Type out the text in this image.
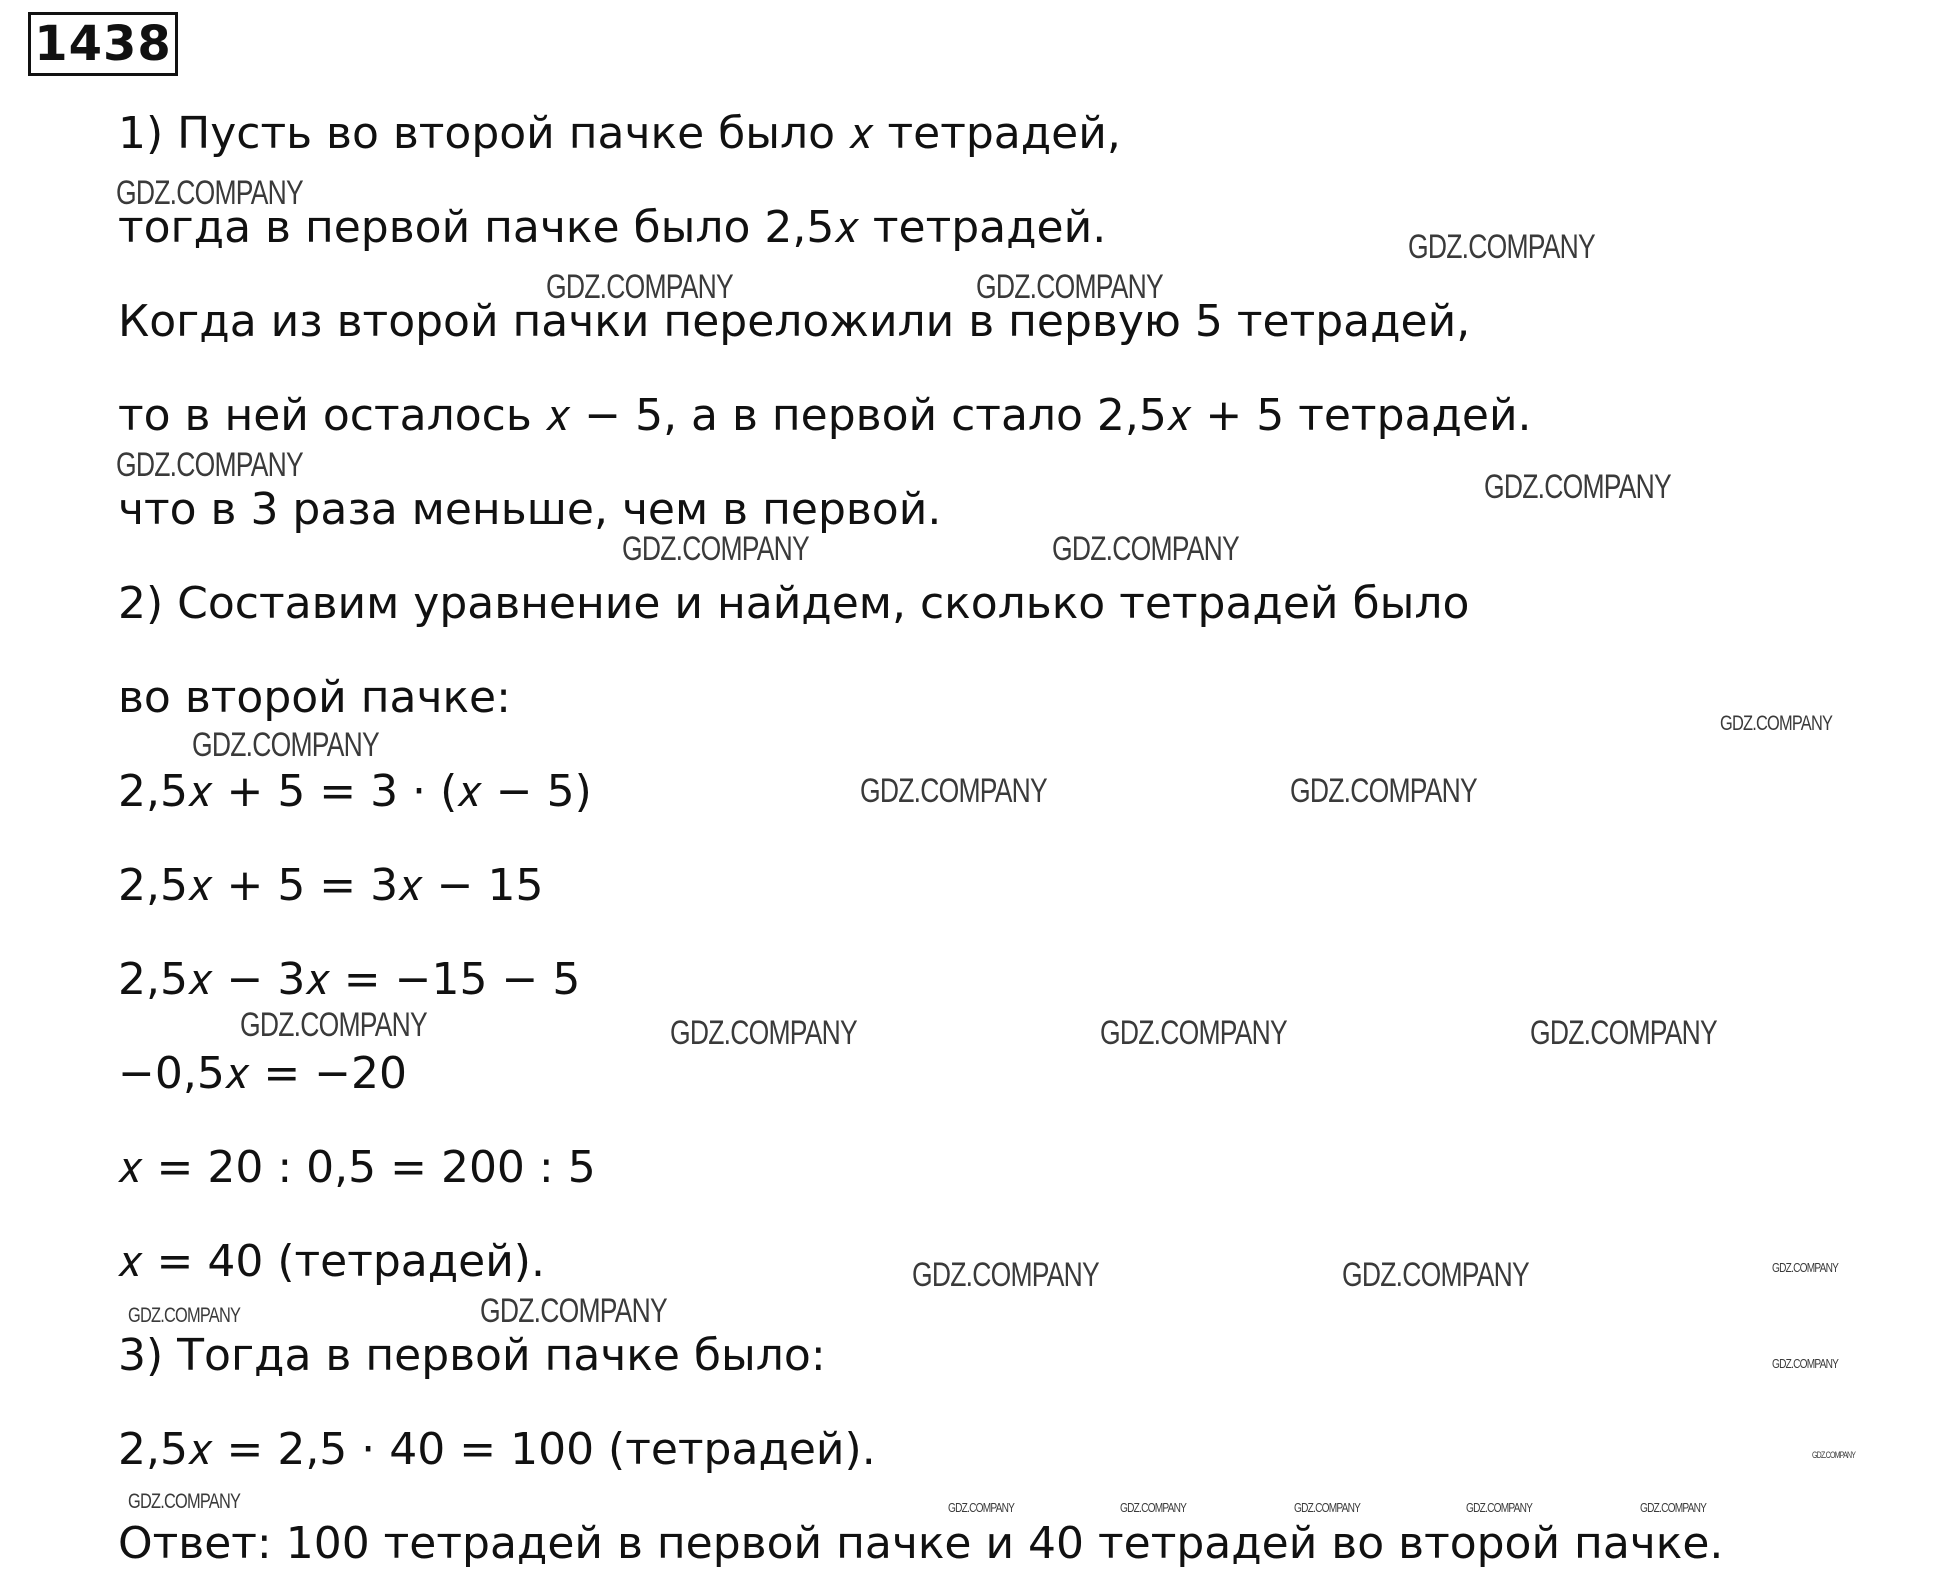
1438
1) Пусть во второй пачке было 𝑥 тетрадей,
тогда в первой пачке было 2,5𝑥 тетрадей.
Когда из второй пачки переложили в первую 5 тетрадей,
то в ней осталось 𝑥 − 5, а в первой стало 2,5𝑥 + 5 тетрадей.
что в 3 раза меньше, чем в первой.
2) Составим уравнение и найдем, сколько тетрадей было
во второй пачке:
2,5𝑥 + 5 = 3 ⋅ (𝑥 − 5)
2,5𝑥 + 5 = 3𝑥 − 15
2,5𝑥 − 3𝑥 = −15 − 5
−0,5𝑥 = −20
𝑥 = 20 : 0,5 = 200 : 5
𝑥 = 40 (тетрадей).
3) Тогда в первой пачке было:
2,5𝑥 = 2,5 ⋅ 40 = 100 (тетрадей).
Ответ: 100 тетрадей в первой пачке и 40 тетрадей во второй пачке.
GDZ.COMPANY
GDZ.COMPANY	GDZ.COMPANY
GDZ.COMPANY
GDZ.COMPANY
GDZ.COMPANY
GDZ.COMPANY	GDZ.COMPANY
GDZ.COMPANY
GDZ.COMPANY
GDZ.COMPANY	GDZ.COMPANY
GDZ.COMPANY	GDZ.COMPANY	GDZ.COMPANY	GDZ.COMPANY
GDZ.COMPANY	GDZ.COMPANY	GDZ.COMPANY
GDZ.COMPANY	GDZ.COMPANY
GDZ.COMPANY
GDZ.COMPANY
GDZ.COMPANY	GDZ.COMPANY	GDZ.COMPANY	GDZ.COMPANY	GDZ.COMPANY	GDZ.COMPANY
